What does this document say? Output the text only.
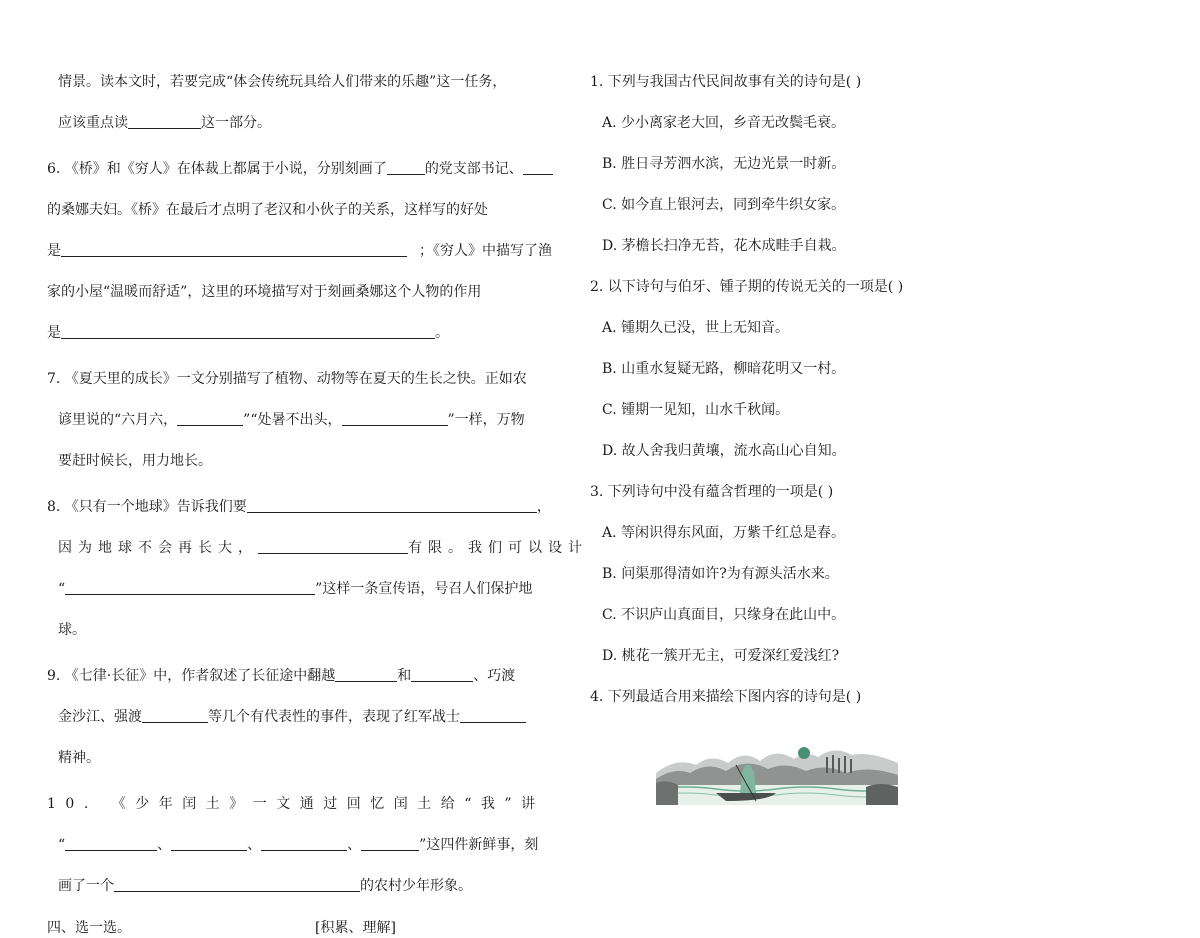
情景。读本文时，若要完成“体会传统玩具给人们带来的乐趣”这一任务，
应该重点读	这一部分。
6. 《桥》和《穷人》在体裁上都属于小说，分别刻画了	的党支部书记、
的桑娜夫妇。《桥》在最后才点明了老汉和小伙子的关系，这样写的好处
是	；《穷人》中描写了渔
家的小屋“温暖而舒适”，这里的环境描写对于刻画桑娜这个人物的作用
是	。
7. 《夏天里的成长》一文分别描写了植物、动物等在夏天的生长之快。正如农
谚里说的“六月六，	”“处暑不出头，	”一样，万物
要赶时候长，用力地长。
8. 《只有一个地球》告诉我们要	，
因为地球不会再长大，	有限。我们可以设计
“	”这样一条宣传语，号召人们保护地
球。
9. 《七律·长征》中，作者叙述了长征途中翻越	和	、巧渡
金沙江、强渡	等几个有代表性的事件，表现了红军战士
精神。
10. 《少年闰土》一文通过回忆闰土给“我”讲
“	、	、	、	”这四件新鲜事，刻
画了一个	的农村少年形象。
四、选一选。	[积累、理解]
1. 下列与我国古代民间故事有关的诗句是( )
A. 少小离家老大回，乡音无改鬓毛衰。
B. 胜日寻芳泗水滨，无边光景一时新。
C. 如今直上银河去，同到牵牛织女家。
D. 茅檐长扫净无苔，花木成畦手自栽。
2. 以下诗句与伯牙、锺子期的传说无关的一项是( )
A. 锺期久已没，世上无知音。
B. 山重水复疑无路，柳暗花明又一村。
C. 锺期一见知，山水千秋闻。
D. 故人舍我归黄壤，流水高山心自知。
3. 下列诗句中没有蕴含哲理的一项是( )
A. 等闲识得东风面，万紫千红总是春。
B. 问渠那得清如许?为有源头活水来。
C. 不识庐山真面目，只缘身在此山中。
D. 桃花一簇开无主，可爱深红爱浅红?
4. 下列最适合用来描绘下图内容的诗句是( )
